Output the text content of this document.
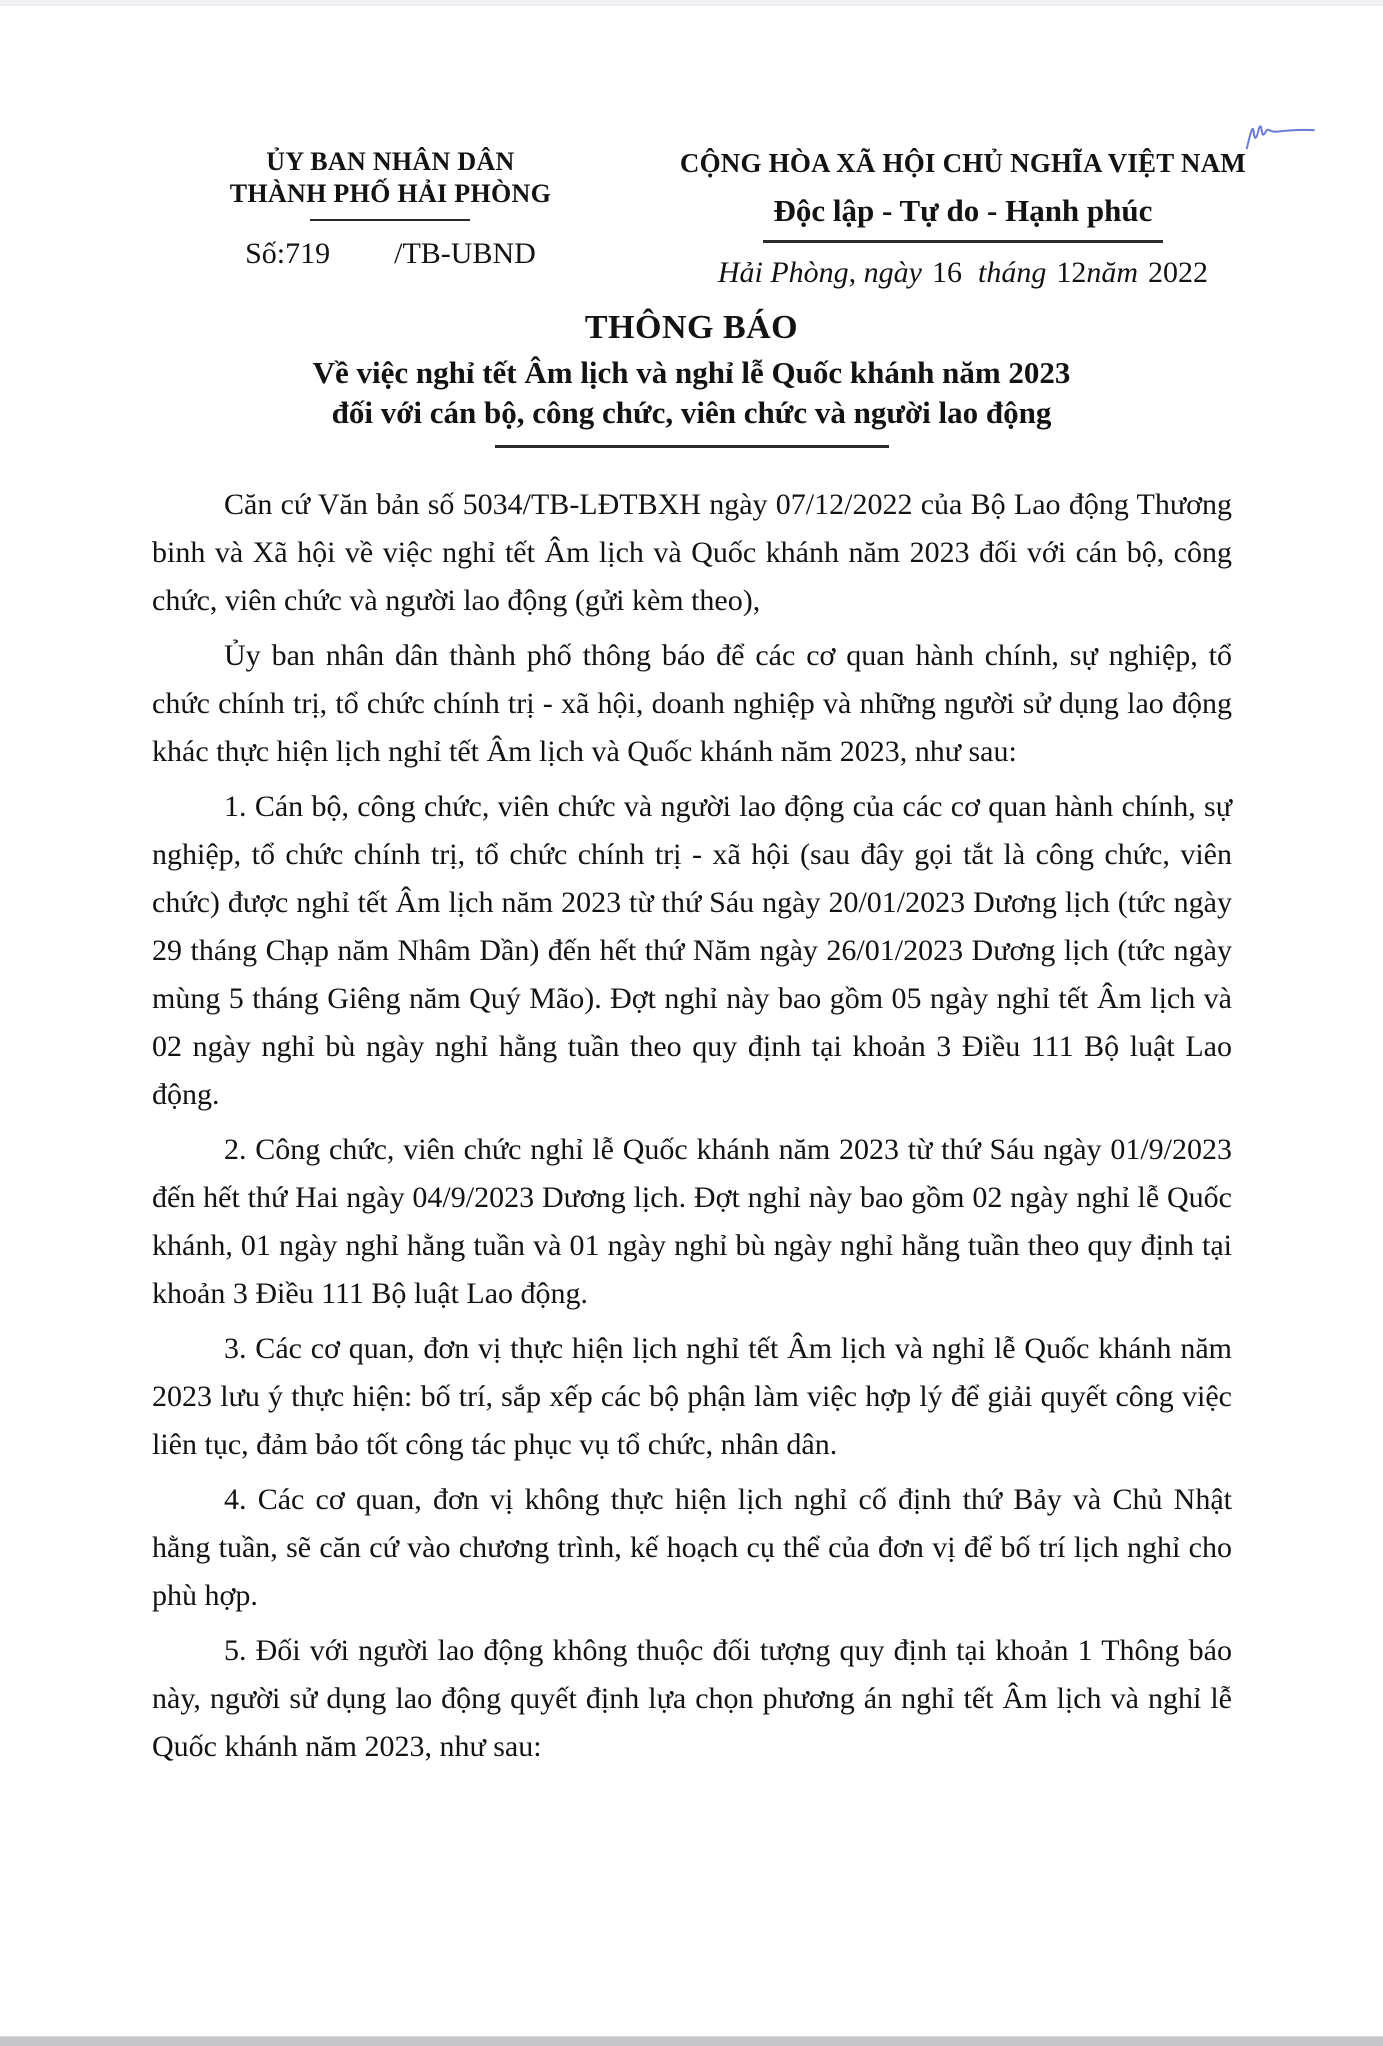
ỦY BAN NHÂN DÂN
THÀNH PHỐ HẢI PHÒNG
Số:719 /TB-UBND
CỘNG HÒA XÃ HỘI CHỦ NGHĨA VIỆT NAM
Độc lập - Tự do - Hạnh phúc
Hải Phòng, ngày 16 tháng 12năm 2022
THÔNG BÁO
Về việc nghỉ tết Âm lịch và nghỉ lễ Quốc khánh năm 2023
đối với cán bộ, công chức, viên chức và người lao động

Căn cứ Văn bản số 5034/TB-LĐTBXH ngày 07/12/2022 của Bộ Lao động Thương binh và Xã hội về việc nghỉ tết Âm lịch và Quốc khánh năm 2023 đối với cán bộ, công chức, viên chức và người lao động (gửi kèm theo),

Ủy ban nhân dân thành phố thông báo để các cơ quan hành chính, sự nghiệp, tổ chức chính trị, tổ chức chính trị - xã hội, doanh nghiệp và những người sử dụng lao động khác thực hiện lịch nghỉ tết Âm lịch và Quốc khánh năm 2023, như sau:

1. Cán bộ, công chức, viên chức và người lao động của các cơ quan hành chính, sự nghiệp, tổ chức chính trị, tổ chức chính trị - xã hội (sau đây gọi tắt là công chức, viên chức) được nghỉ tết Âm lịch năm 2023 từ thứ Sáu ngày 20/01/2023 Dương lịch (tức ngày 29 tháng Chạp năm Nhâm Dần) đến hết thứ Năm ngày 26/01/2023 Dương lịch (tức ngày mùng 5 tháng Giêng năm Quý Mão). Đợt nghỉ này bao gồm 05 ngày nghỉ tết Âm lịch và 02 ngày nghỉ bù ngày nghỉ hằng tuần theo quy định tại khoản 3 Điều 111 Bộ luật Lao động.

2. Công chức, viên chức nghỉ lễ Quốc khánh năm 2023 từ thứ Sáu ngày 01/9/2023 đến hết thứ Hai ngày 04/9/2023 Dương lịch. Đợt nghỉ này bao gồm 02 ngày nghỉ lễ Quốc khánh, 01 ngày nghỉ hằng tuần và 01 ngày nghỉ bù ngày nghỉ hằng tuần theo quy định tại khoản 3 Điều 111 Bộ luật Lao động.

3. Các cơ quan, đơn vị thực hiện lịch nghỉ tết Âm lịch và nghỉ lễ Quốc khánh năm 2023 lưu ý thực hiện: bố trí, sắp xếp các bộ phận làm việc hợp lý để giải quyết công việc liên tục, đảm bảo tốt công tác phục vụ tổ chức, nhân dân.

4. Các cơ quan, đơn vị không thực hiện lịch nghỉ cố định thứ Bảy và Chủ Nhật hằng tuần, sẽ căn cứ vào chương trình, kế hoạch cụ thể của đơn vị để bố trí lịch nghỉ cho phù hợp.

5. Đối với người lao động không thuộc đối tượng quy định tại khoản 1 Thông báo này, người sử dụng lao động quyết định lựa chọn phương án nghỉ tết Âm lịch và nghỉ lễ Quốc khánh năm 2023, như sau:
